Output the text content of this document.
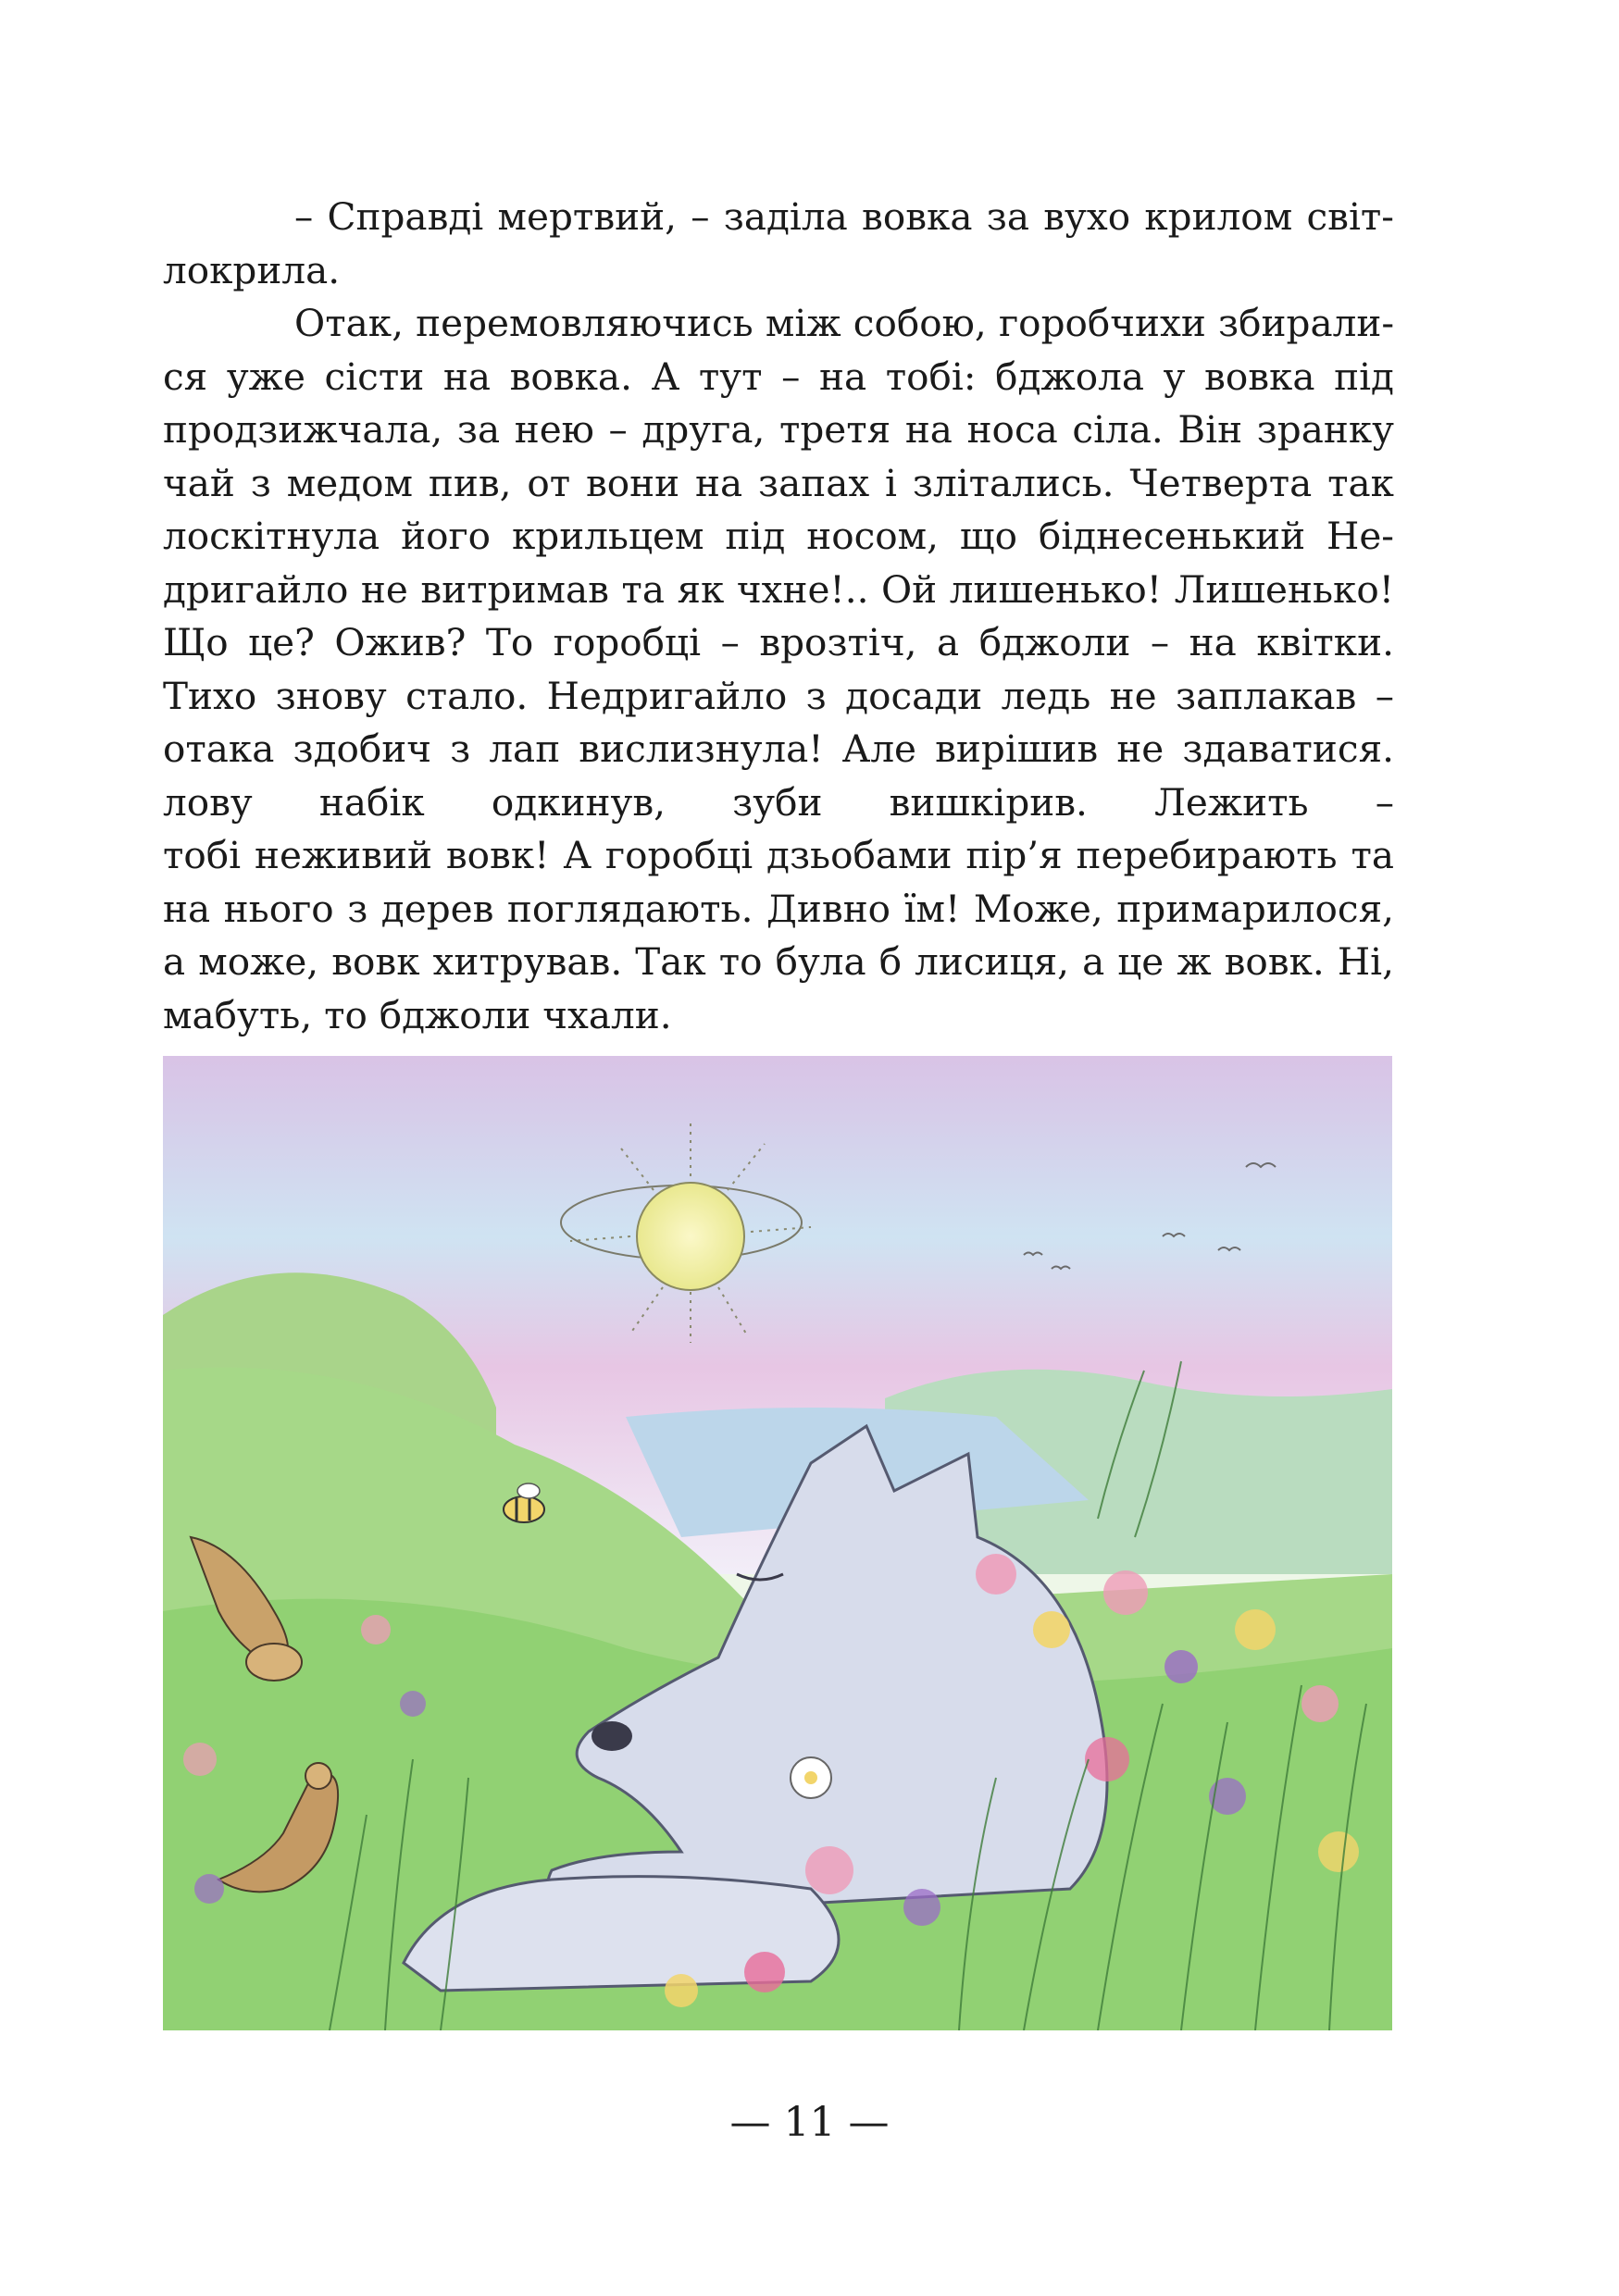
– Справді мертвий, – заділа вовка за вухо крилом світ-
локрила.
Отак, перемовляючись між собою, горобчихи збирали-
ся уже сісти на вовка. А тут – на тобі: бджола у вовка під
продзижчала, за нею – друга, третя на носа сіла. Він зранку
чай з медом пив, от вони на запах і злітались. Четверта так
лоскітнула його крильцем під носом, що біднесенький Не-
дригайло не витримав та як чхне!.. Ой лишенько! Лишенько!
Що це? Ожив? То горобці – врозтіч, а бджоли – на квітки.
Тихо знову стало. Недригайло з досади ледь не заплакав –
отака здобич з лап вислизнула! Але вирішив не здаватися.
лову набік одкинув, зуби вишкірив. Лежить –
тобі неживий вовк! А горобці дзьобами пір’я перебирають та
на нього з дерев поглядають. Дивно їм! Може, примарилося,
а може, вовк хитрував. Так то була б лисиця, а це ж вовк. Ні,
мабуть, то бджоли чхали.
— 11 —
